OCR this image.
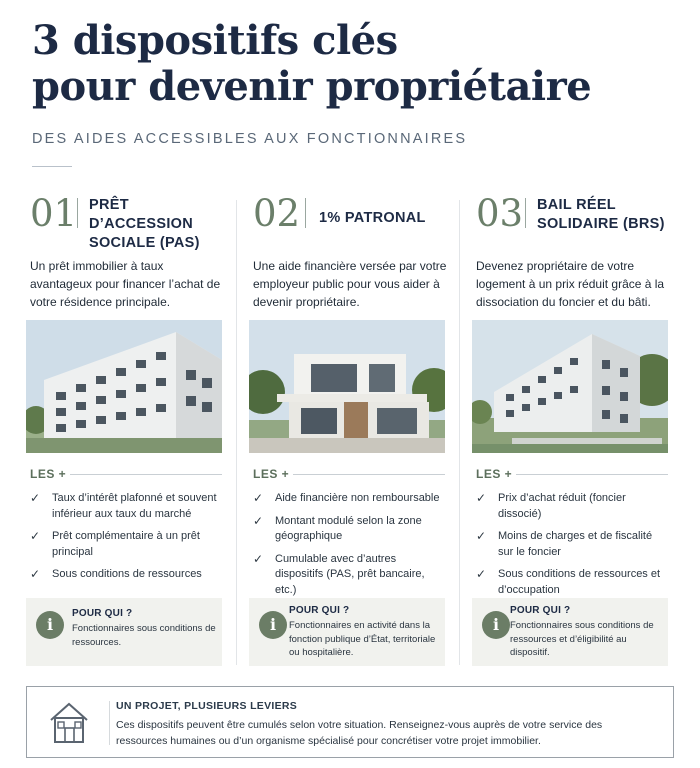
3 dispositifs clés
pour devenir propriétaire
DES AIDES ACCESSIBLES AUX FONCTIONNAIRES
01 PRÊT
D’ACCESSION
SOCIALE (PAS)
Un prêt immobilier à taux avantageux pour financer l’achat de votre résidence principale.
LES +
✓ Taux d’intérêt plafonné et souvent inférieur aux taux du marché
✓ Prêt complémentaire à un prêt principal
✓ Sous conditions de ressources
i
POUR QUI ?
Fonctionnaires sous conditions de ressources.
02 1% PATRONAL
Une aide financière versée par votre employeur public pour vous aider à devenir propriétaire.
LES +
✓ Aide financière non remboursable
✓ Montant modulé selon la zone géographique
✓ Cumulable avec d’autres dispositifs (PAS, prêt bancaire, etc.)
i
POUR QUI ?
Fonctionnaires en activité dans la fonction publique d’État, territoriale ou hospitalière.
03 BAIL RÉEL
SOLIDAIRE (BRS)
Devenez propriétaire de votre logement à un prix réduit grâce à la dissociation du foncier et du bâti.
LES +
✓ Prix d’achat réduit (foncier dissocié)
✓ Moins de charges et de fiscalité sur le foncier
✓ Sous conditions de ressources et d’occupation
i
POUR QUI ?
Fonctionnaires sous conditions de ressources et d’éligibilité au dispositif.
UN PROJET, PLUSIEURS LEVIERS
Ces dispositifs peuvent être cumulés selon votre situation. Renseignez-vous auprès de votre service des ressources humaines ou d’un organisme spécialisé pour concrétiser votre projet immobilier.
